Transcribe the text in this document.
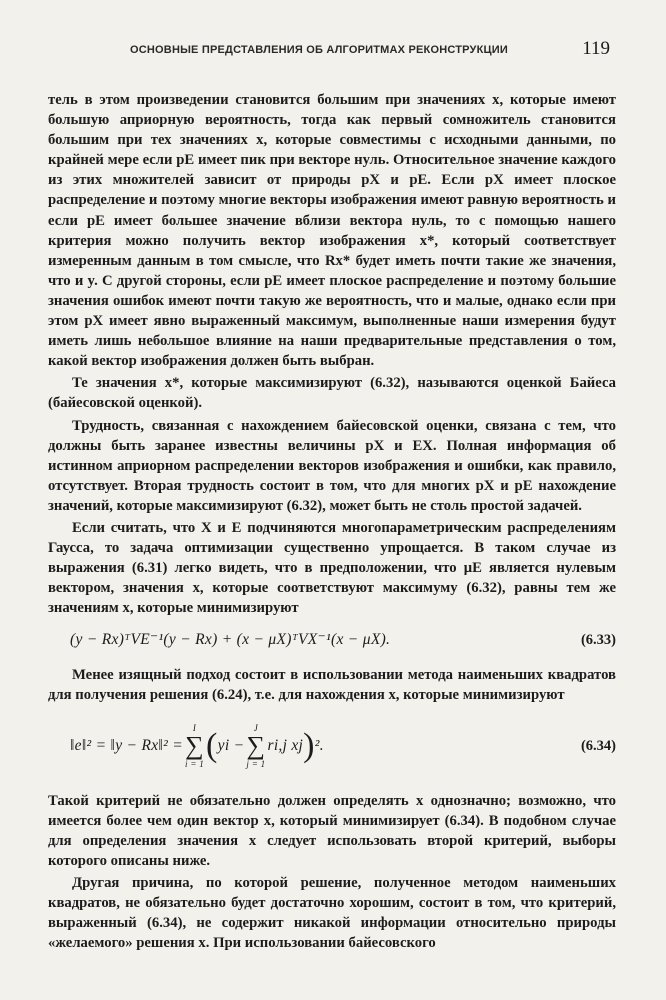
ОСНОВНЫЕ ПРЕДСТАВЛЕНИЯ ОБ АЛГОРИТМАХ РЕКОНСТРУКЦИИ	119

тель в этом произведении становится большим при значениях x, которые имеют большую априорную вероятность, тогда как первый сомножитель становится большим при тех значениях x, которые совместимы с исходными данными, по крайней мере если pE имеет пик при векторе нуль. Относительное значение каждого из этих множителей зависит от природы pX и pE. Если pX имеет плоское распределение и поэтому многие векторы изображения имеют равную вероятность и если pE имеет большее значение вблизи вектора нуль, то с помощью нашего критерия можно получить вектор изображения x*, который соответствует измеренным данным в том смысле, что Rx* будет иметь почти такие же значения, что и y. С другой стороны, если pE имеет плоское распределение и поэтому большие значения ошибок имеют почти такую же вероятность, что и малые, однако если при этом pX имеет явно выраженный максимум, выполненные наши измерения будут иметь лишь небольшое влияние на наши предварительные представления о том, какой вектор изображения должен быть выбран.

Те значения x*, которые максимизируют (6.32), называются оценкой Байеса (байесовской оценкой).

Трудность, связанная с нахождением байесовской оценки, связана с тем, что должны быть заранее известны величины pX и EX. Полная информация об истинном априорном распределении векторов изображения и ошибки, как правило, отсутствует. Вторая трудность состоит в том, что для многих pX и pE нахождение значений, которые максимизируют (6.32), может быть не столь простой задачей.

Если считать, что X и E подчиняются многопараметрическим распределениям Гаусса, то задача оптимизации существенно упрощается. В таком случае из выражения (6.31) легко видеть, что в предположении, что μE является нулевым вектором, значения x, которые соответствуют максимуму (6.32), равны тем же значениям x, которые минимизируют

(y − Rx)ᵀVE⁻¹(y − Rx) + (x − μX)ᵀVX⁻¹(x − μX).	(6.33)

Менее изящный подход состоит в использовании метода наименьших квадратов для получения решения (6.24), т.е. для нахождения x, которые минимизируют

‖e‖² = ‖y − Rx‖² =
I
∑
i = 1 ( yi −
J
∑
j = 1
ri,j xj ) ².	(6.34)

Такой критерий не обязательно должен определять x однозначно; возможно, что имеется более чем один вектор x, который минимизирует (6.34). В подобном случае для определения значения x следует использовать второй критерий, выборы которого описаны ниже.

Другая причина, по которой решение, полученное методом наименьших квадратов, не обязательно будет достаточно хорошим, состоит в том, что критерий, выраженный (6.34), не содержит никакой информации относительно природы «желаемого» решения x. При использовании байесовского
